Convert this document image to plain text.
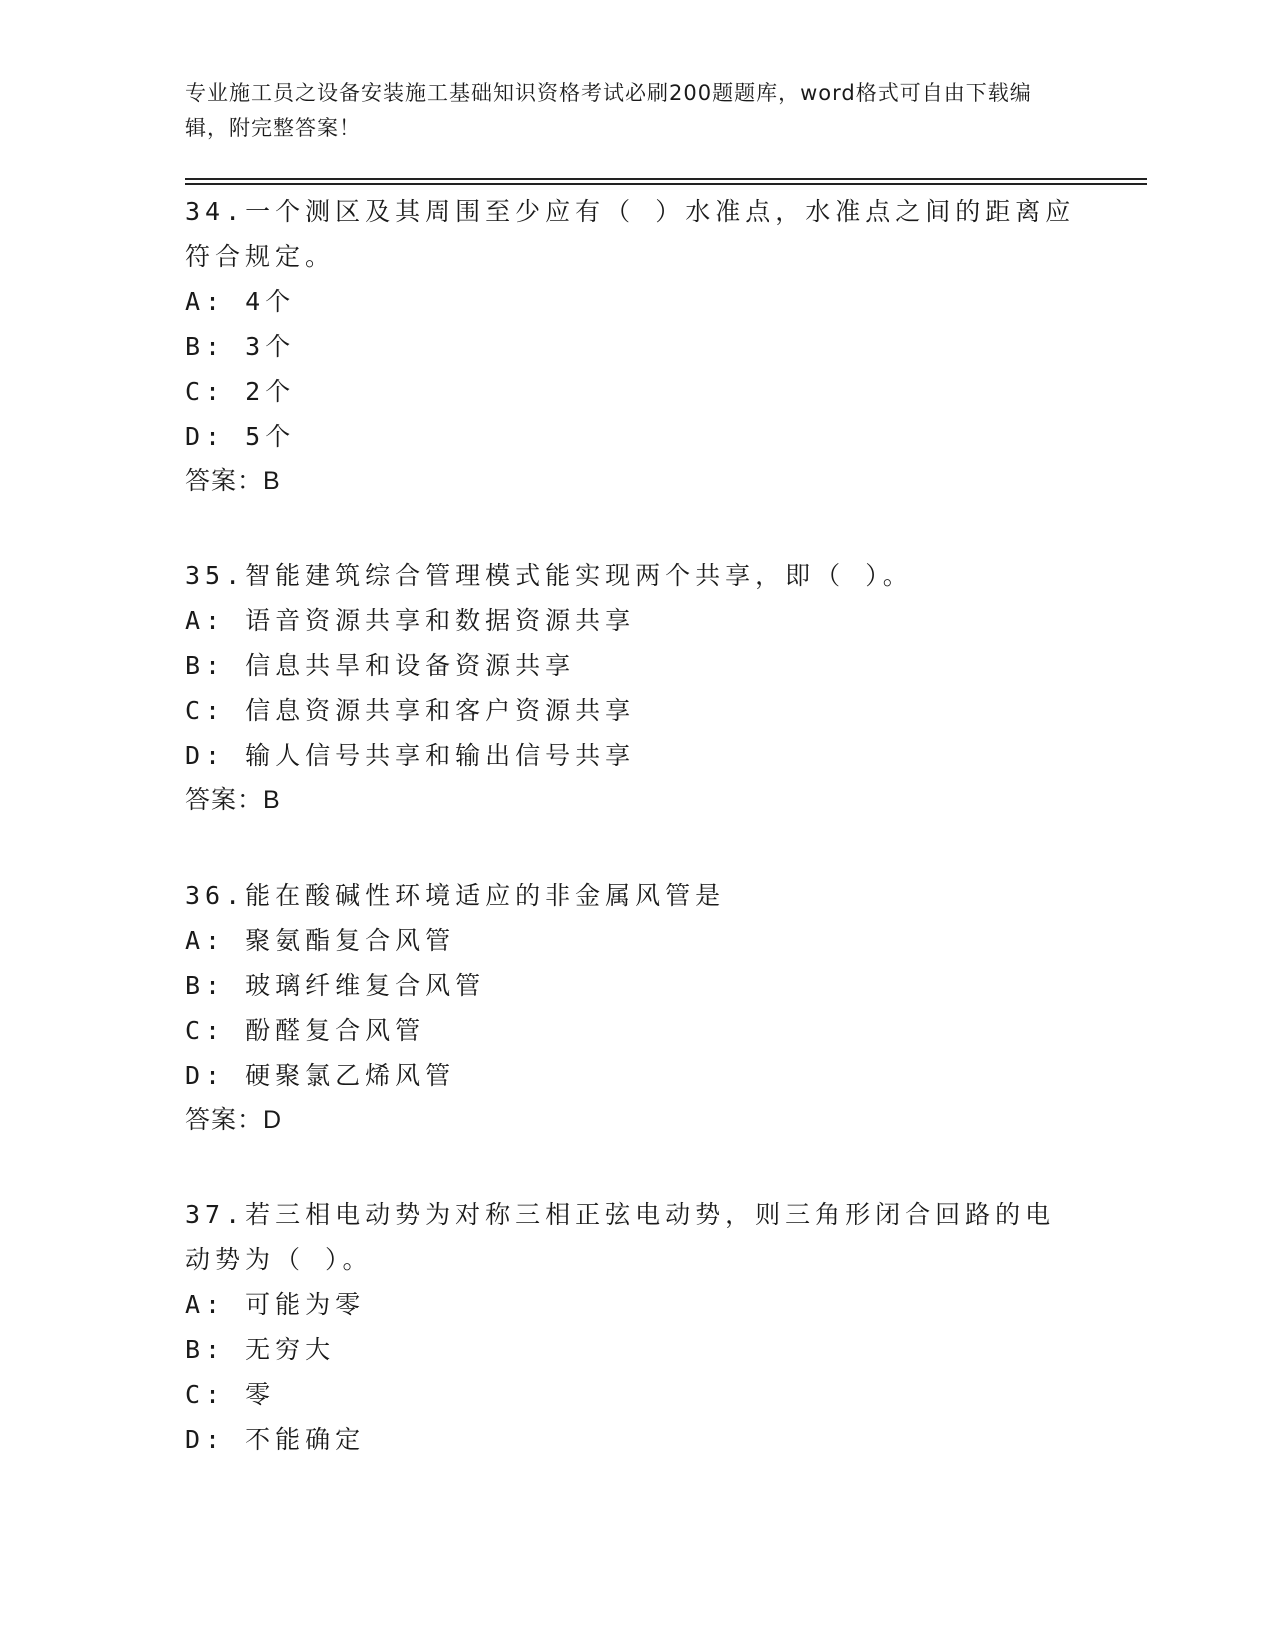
专业施工员之设备安装施工基础知识资格考试必刷200题题库，word格式可自由下载编辑，附完整答案！

34.一个测区及其周围至少应有（ ）水准点，水准点之间的距离应符合规定。

A: 4个

B: 3个

C: 2个

D: 5个

答案：B

35.智能建筑综合管理模式能实现两个共享，即（ ）。

A: 语音资源共享和数据资源共享

B: 信息共旱和设备资源共享

C: 信息资源共享和客户资源共享

D: 输人信号共享和输出信号共享

答案：B

36.能在酸碱性环境适应的非金属风管是

A: 聚氨酯复合风管

B: 玻璃纤维复合风管

C: 酚醛复合风管

D: 硬聚氯乙烯风管

答案：D

37.若三相电动势为对称三相正弦电动势，则三角形闭合回路的电动势为（ ）。

A: 可能为零

B: 无穷大

C: 零

D: 不能确定
